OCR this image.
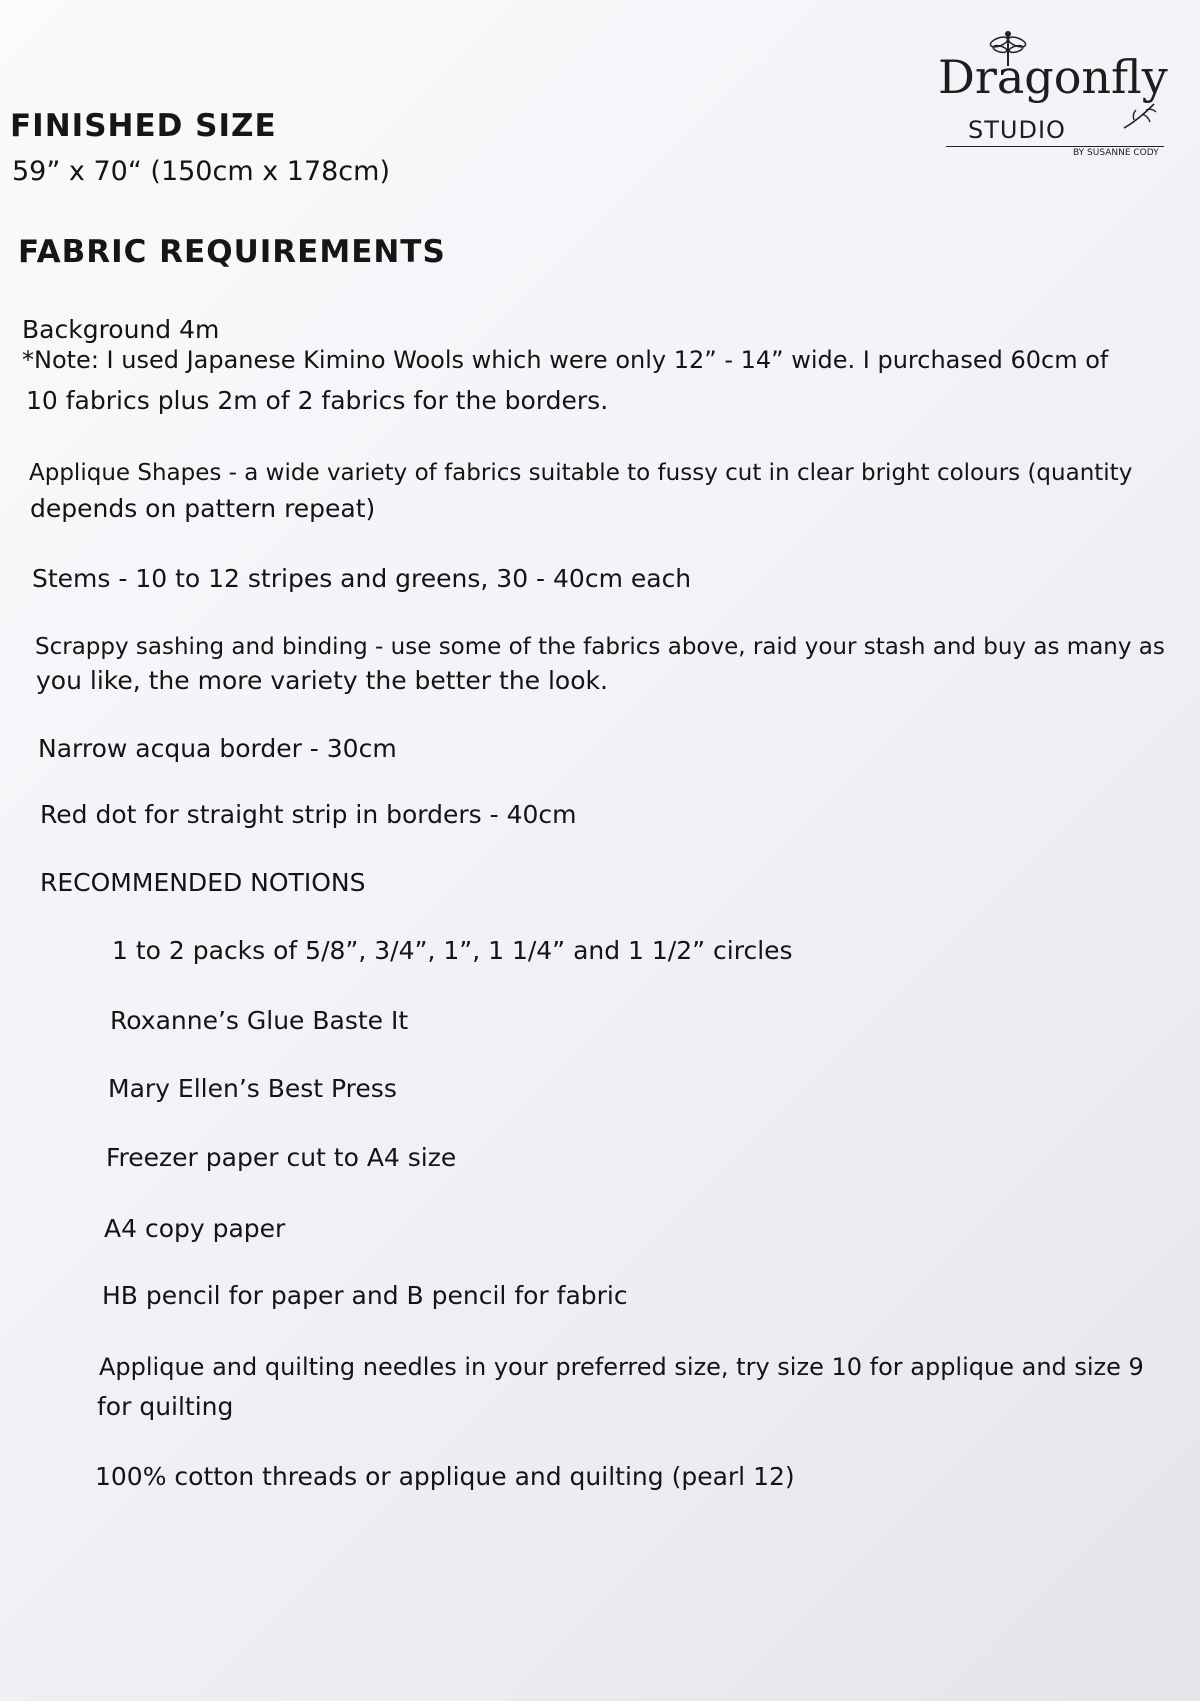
Dragonfly
STUDIO
BY SUSANNE CODY
FINISHED SIZE
59” x 70“ (150cm x 178cm)
FABRIC REQUIREMENTS
Background 4m
*Note: I used Japanese Kimino Wools which were only 12” - 14” wide. I purchased 60cm of
10 fabrics plus 2m of 2 fabrics for the borders.
Applique Shapes - a wide variety of fabrics suitable to fussy cut in clear bright colours (quantity
depends on pattern repeat)
Stems - 10 to 12 stripes and greens, 30 - 40cm each
Scrappy sashing and binding - use some of the fabrics above, raid your stash and buy as many as
you like, the more variety the better the look.
Narrow acqua border - 30cm
Red dot for straight strip in borders - 40cm
RECOMMENDED NOTIONS
1 to 2 packs of 5/8”, 3/4”, 1”, 1 1/4” and 1 1/2” circles
Roxanne’s Glue Baste It
Mary Ellen’s Best Press
Freezer paper cut to A4 size
A4 copy paper
HB pencil for paper and B pencil for fabric
Applique and quilting needles in your preferred size, try size 10 for applique and size 9
for quilting
100% cotton threads or applique and quilting (pearl 12)
